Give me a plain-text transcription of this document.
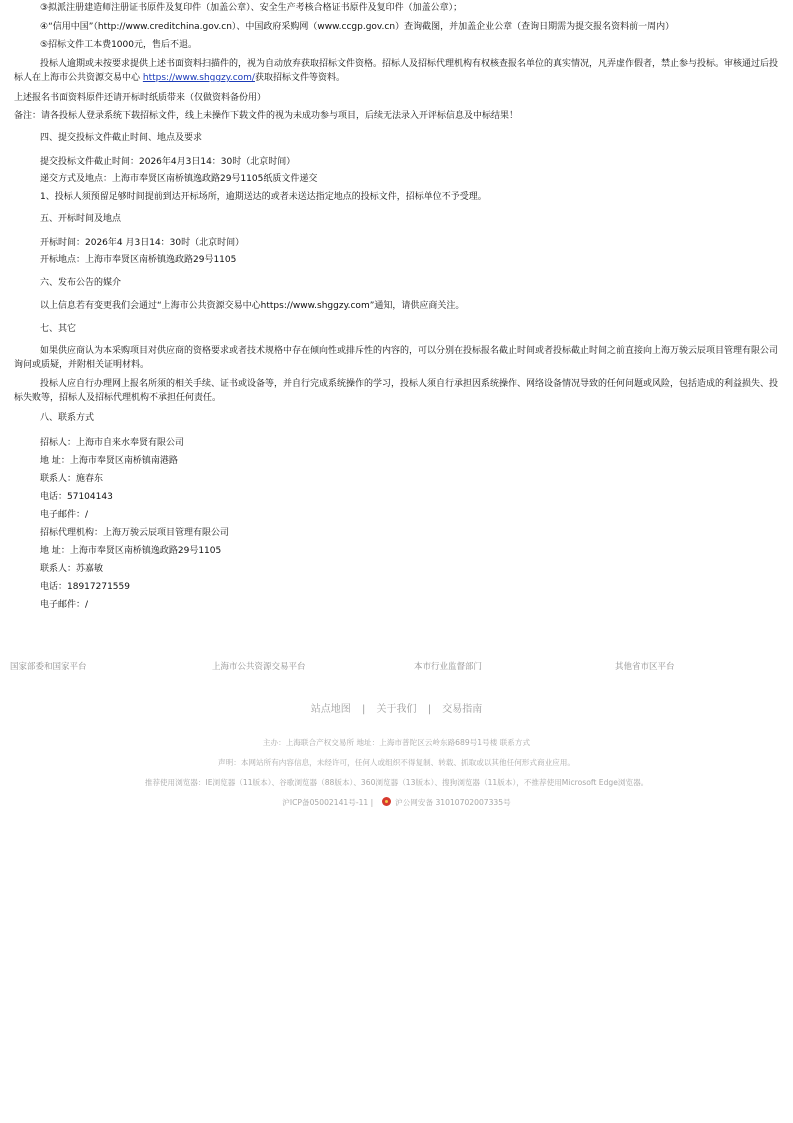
③拟派注册建造师注册证书原件及复印件（加盖公章）、安全生产考核合格证书原件及复印件（加盖公章）；

④“信用中国”（http://www.creditchina.gov.cn）、中国政府采购网（www.ccgp.gov.cn）查询截图，并加盖企业公章（查询日期需为提交报名资料前一周内）

⑤招标文件工本费1000元，售后不退。

投标人逾期或未按要求提供上述书面资料扫描件的，视为自动放弃获取招标文件资格。招标人及招标代理机构有权核查报名单位的真实情况，凡弄虚作假者，禁止参与投标。审核通过后投标人在上海市公共资源交易中心 https://www.shggzy.com/获取招标文件等资料。

上述报名书面资料原件还请开标时纸质带来（仅做资料备份用）

备注：请各投标人登录系统下载招标文件，线上未操作下载文件的视为未成功参与项目，后续无法录入开评标信息及中标结果！

四、提交投标文件截止时间、地点及要求

提交投标文件截止时间：2026年4月3日14：30时（北京时间）

递交方式及地点：上海市奉贤区南桥镇逸政路29号1105纸质文件递交

1、投标人须预留足够时间提前到达开标场所，逾期送达的或者未送达指定地点的投标文件，招标单位不予受理。

五、开标时间及地点

开标时间：2026年4 月3日14：30时（北京时间）

开标地点：上海市奉贤区南桥镇逸政路29号1105

六、发布公告的媒介

以上信息若有变更我们会通过“上海市公共资源交易中心https://www.shggzy.com”通知，请供应商关注。

七、其它

如果供应商认为本采购项目对供应商的资格要求或者技术规格中存在倾向性或排斥性的内容的，可以分别在投标报名截止时间或者投标截止时间之前直接向上海万骏云辰项目管理有限公司询问或质疑，并附相关证明材料。

投标人应自行办理网上报名所须的相关手续、证书或设备等，并自行完成系统操作的学习，投标人须自行承担因系统操作、网络设备情况导致的任何问题或风险，包括造成的利益损失、投标失败等，招标人及招标代理机构不承担任何责任。

八、联系方式

招标人：上海市自来水奉贤有限公司

地 址：上海市奉贤区南桥镇南港路

联系人：施春东

电话：57104143

电子邮件：/

招标代理机构：上海万骏云辰项目管理有限公司

地 址：上海市奉贤区南桥镇逸政路29号1105

联系人：苏嘉敏

电话：18917271559

电子邮件：/

国家部委和国家平台	上海市公共资源交易平台	本市行业监督部门	其他省市区平台
站点地图 | 关于我们 | 交易指南
主办：上海联合产权交易所 地址：上海市普陀区云岭东路689号1号楼 联系方式
声明：本网站所有内容信息，未经许可，任何人或组织不得复制、转载、抓取或以其他任何形式商业应用。
推荐使用浏览器：IE浏览器（11版本）、谷歌浏览器（88版本）、360浏览器（13版本）、搜狗浏览器（11版本），不推荐使用Microsoft Edge浏览器。
沪ICP备05002141号-11 |	沪公网安备 31010702007335号
